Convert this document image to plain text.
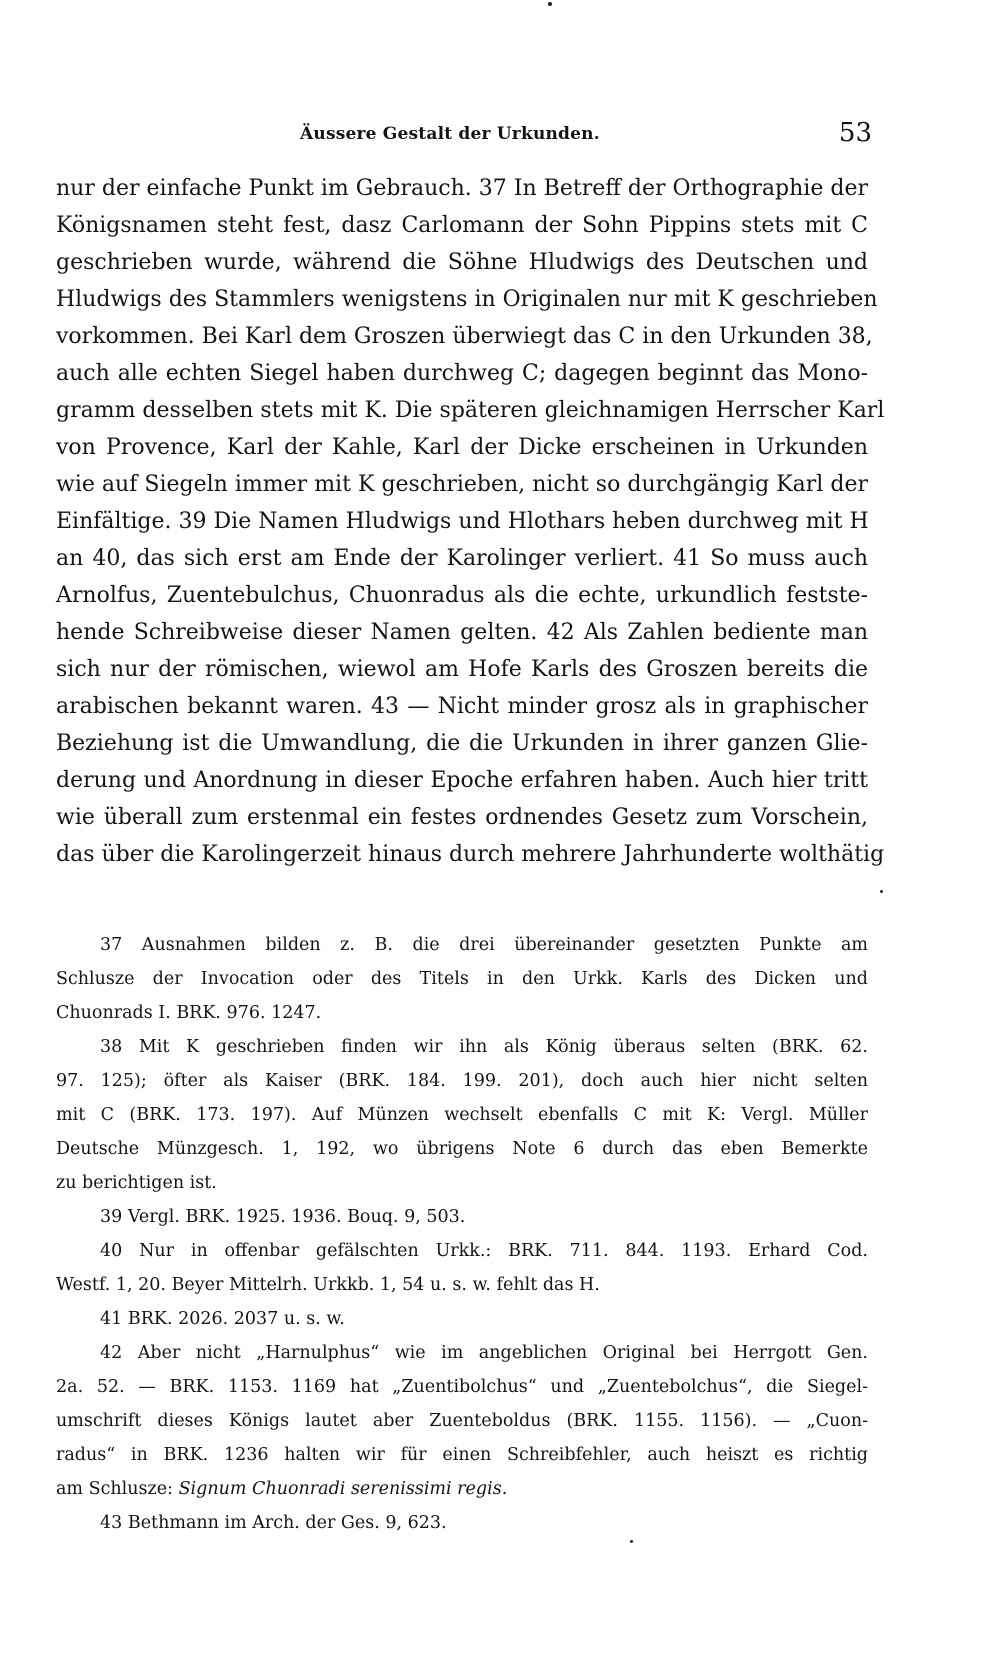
Äussere Gestalt der Urkunden.	53
nur der einfache Punkt im Gebrauch. 37 In Betreff der Orthographie der
Königsnamen steht fest, dasz Carlomann der Sohn Pippins stets mit C
geschrieben wurde, während die Söhne Hludwigs des Deutschen und
Hludwigs des Stammlers wenigstens in Originalen nur mit K geschrieben
vorkommen. Bei Karl dem Groszen überwiegt das C in den Urkunden 38,
auch alle echten Siegel haben durchweg C; dagegen beginnt das Mono-
gramm desselben stets mit K. Die späteren gleichnamigen Herrscher Karl
von Provence, Karl der Kahle, Karl der Dicke erscheinen in Urkunden
wie auf Siegeln immer mit K geschrieben, nicht so durchgängig Karl der
Einfältige. 39 Die Namen Hludwigs und Hlothars heben durchweg mit H
an 40, das sich erst am Ende der Karolinger verliert. 41 So muss auch
Arnolfus, Zuentebulchus, Chuonradus als die echte, urkundlich festste-
hende Schreibweise dieser Namen gelten. 42 Als Zahlen bediente man
sich nur der römischen, wiewol am Hofe Karls des Groszen bereits die
arabischen bekannt waren. 43 — Nicht minder grosz als in graphischer
Beziehung ist die Umwandlung, die die Urkunden in ihrer ganzen Glie-
derung und Anordnung in dieser Epoche erfahren haben. Auch hier tritt
wie überall zum erstenmal ein festes ordnendes Gesetz zum Vorschein,
das über die Karolingerzeit hinaus durch mehrere Jahrhunderte wolthätig
37 Ausnahmen bilden z. B. die drei übereinander gesetzten Punkte am
Schlusze der Invocation oder des Titels in den Urkk. Karls des Dicken und
Chuonrads I. BRK. 976. 1247.
38 Mit K geschrieben finden wir ihn als König überaus selten (BRK. 62.
97. 125); öfter als Kaiser (BRK. 184. 199. 201), doch auch hier nicht selten
mit C (BRK. 173. 197). Auf Münzen wechselt ebenfalls C mit K: Vergl. Müller
Deutsche Münzgesch. 1, 192, wo übrigens Note 6 durch das eben Bemerkte
zu berichtigen ist.
39 Vergl. BRK. 1925. 1936. Bouq. 9, 503.
40 Nur in offenbar gefälschten Urkk.: BRK. 711. 844. 1193. Erhard Cod.
Westf. 1, 20. Beyer Mittelrh. Urkkb. 1, 54 u. s. w. fehlt das H.
41 BRK. 2026. 2037 u. s. w.
42 Aber nicht „Harnulphus“ wie im angeblichen Original bei Herrgott Gen.
2a. 52. — BRK. 1153. 1169 hat „Zuentibolchus“ und „Zuentebolchus“, die Siegel-
umschrift dieses Königs lautet aber Zuenteboldus (BRK. 1155. 1156). — „Cuon-
radus“ in BRK. 1236 halten wir für einen Schreibfehler, auch heiszt es richtig
am Schlusze: Signum Chuonradi serenissimi regis.
43 Bethmann im Arch. der Ges. 9, 623.
